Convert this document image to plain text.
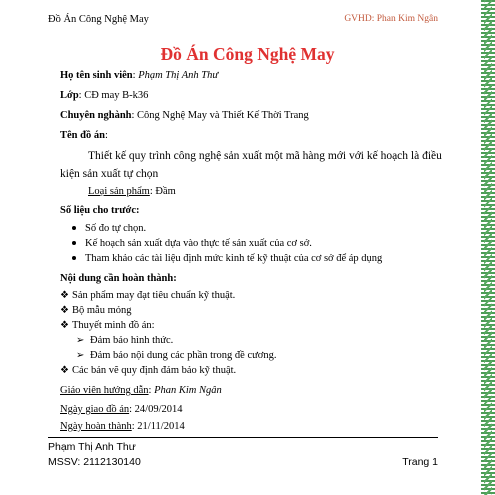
Đồ Án Công Nghệ May	GVHD: Phan Kim Ngân
Đồ Án Công Nghệ May
Họ tên sinh viên: Phạm Thị Anh Thư
Lớp: CĐ may B-k36
Chuyên nghành: Công Nghệ May và Thiết Kế Thời Trang
Tên đồ án:
Thiết kế quy trình công nghệ sản xuất một mã hàng mới với kế hoạch là điều kiện sản xuất tự chọn
Loại sản phẩm: Đầm
Số liệu cho trước:
Số đo tự chọn.
Kế hoạch sản xuất dựa vào thực tế sản xuất của cơ sở.
Tham khảo các tài liệu định mức kinh tế kỹ thuật của cơ sở để áp dụng
Nội dung cần hoàn thành:
❖ Sản phẩm may đạt tiêu chuẩn kỹ thuật.
❖ Bộ mẫu mỏng
❖ Thuyết minh đồ án:
➢ Đảm bảo hình thức.
➢ Đảm bảo nội dung các phần trong đề cương.
❖ Các bản vẽ quy định đảm bảo kỹ thuật.
Giáo viên hướng dẫn: Phan Kim Ngân
Ngày giao đồ án: 24/09/2014
Ngày hoàn thành: 21/11/2014
Phạm Thị Anh Thư
MSSV: 2112130140	Trang 1
